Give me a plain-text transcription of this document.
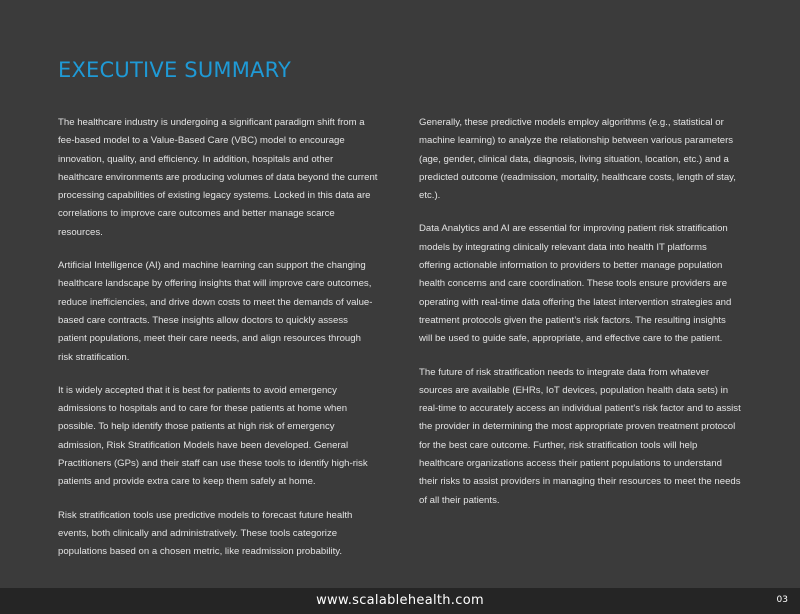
EXECUTIVE SUMMARY

The healthcare industry is undergoing a significant paradigm shift from a fee-based model to a Value-Based Care (VBC) model to encourage innovation, quality, and efficiency. In addition, hospitals and other healthcare environments are producing volumes of data beyond the current processing capabilities of existing legacy systems. Locked in this data are correlations to improve care outcomes and better manage scarce resources.

Artificial Intelligence (AI) and machine learning can support the changing healthcare landscape by offering insights that will improve care outcomes, reduce inefficiencies, and drive down costs to meet the demands of value-based care contracts. These insights allow doctors to quickly assess patient populations, meet their care needs, and align resources through risk stratification.

It is widely accepted that it is best for patients to avoid emergency admissions to hospitals and to care for these patients at home when possible. To help identify those patients at high risk of emergency admission, Risk Stratification Models have been developed. General Practitioners (GPs) and their staff can use these tools to identify high-risk patients and provide extra care to keep them safely at home.

Risk stratification tools use predictive models to forecast future health events, both clinically and administratively. These tools categorize populations based on a chosen metric, like readmission probability.

Generally, these predictive models employ algorithms (e.g., statistical or machine learning) to analyze the relationship between various parameters (age, gender, clinical data, diagnosis, living situation, location, etc.) and a predicted outcome (readmission, mortality, healthcare costs, length of stay, etc.).

Data Analytics and AI are essential for improving patient risk stratification models by integrating clinically relevant data into health IT platforms offering actionable information to providers to better manage population health concerns and care coordination. These tools ensure providers are operating with real-time data offering the latest intervention strategies and treatment protocols given the patient’s risk factors. The resulting insights will be used to guide safe, appropriate, and effective care to the patient.

The future of risk stratification needs to integrate data from whatever sources are available (EHRs, IoT devices, population health data sets) in real-time to accurately access an individual patient's risk factor and to assist the provider in determining the most appropriate proven treatment protocol for the best care outcome. Further, risk stratification tools will help healthcare organizations access their patient populations to understand their risks to assist providers in managing their resources to meet the needs of all their patients.

www.scalablehealth.com	03
